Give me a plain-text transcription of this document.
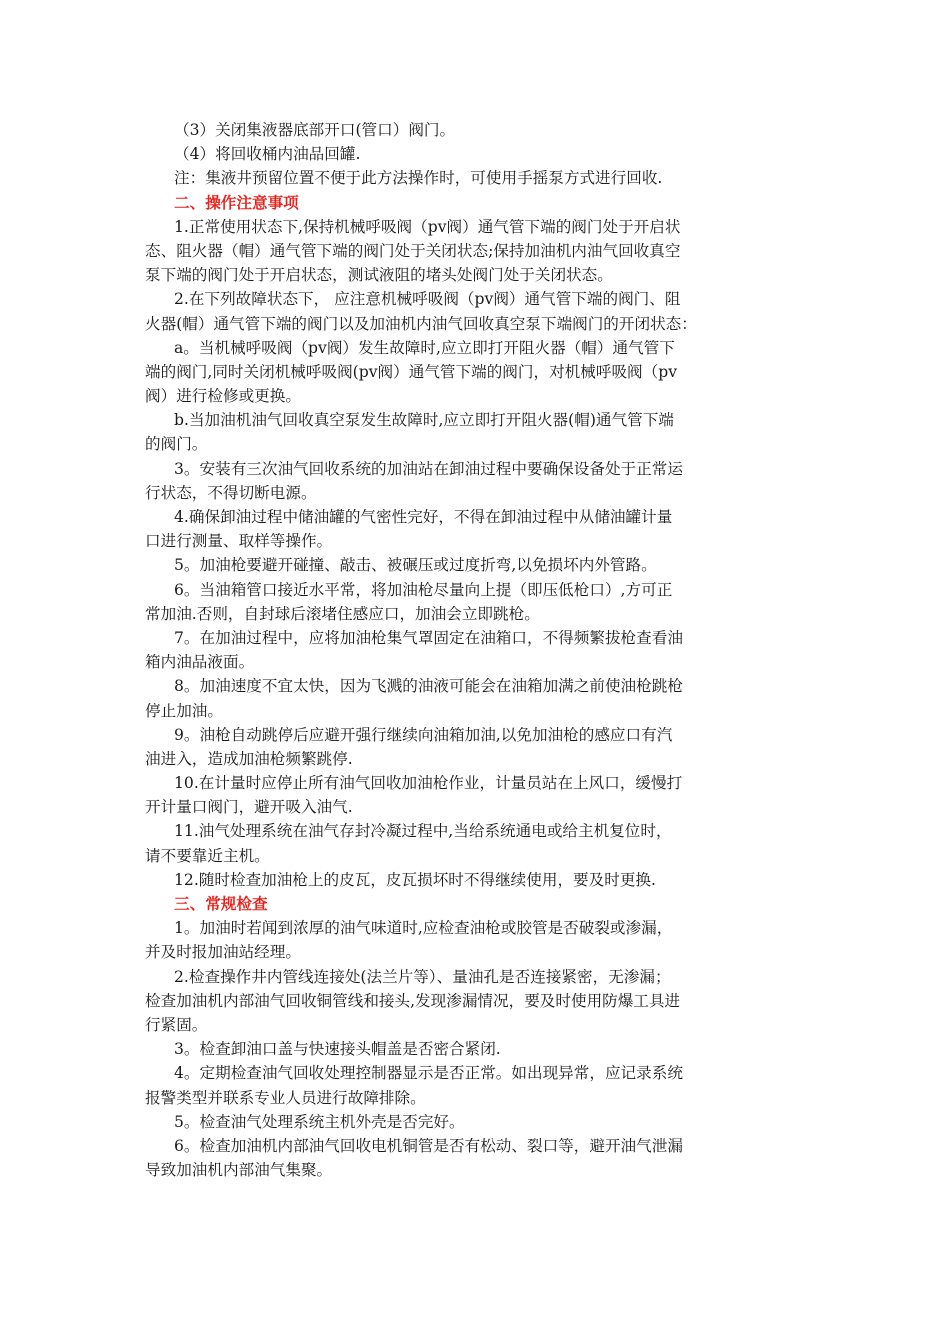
（3）关闭集液器底部开口(管口）阀门。
（4）将回收桶内油品回罐.
注：集液井预留位置不便于此方法操作时，可使用手摇泵方式进行回收.
二、操作注意事项
1.正常使用状态下,保持机械呼吸阀（pv阀）通气管下端的阀门处于开启状
态、阻火器（帽）通气管下端的阀门处于关闭状态;保持加油机内油气回收真空
泵下端的阀门处于开启状态，测试液阻的堵头处阀门处于关闭状态。
2.在下列故障状态下， 应注意机械呼吸阀（pv阀）通气管下端的阀门、阻
火器(帽）通气管下端的阀门以及加油机内油气回收真空泵下端阀门的开闭状态：
a。当机械呼吸阀（pv阀）发生故障时,应立即打开阻火器（帽）通气管下
端的阀门,同时关闭机械呼吸阀(pv阀）通气管下端的阀门，对机械呼吸阀（pv
阀）进行检修或更换。
b.当加油机油气回收真空泵发生故障时,应立即打开阻火器(帽)通气管下端
的阀门。
3。安装有三次油气回收系统的加油站在卸油过程中要确保设备处于正常运
行状态，不得切断电源。
4.确保卸油过程中储油罐的气密性完好，不得在卸油过程中从储油罐计量
口进行测量、取样等操作。
5。加油枪要避开碰撞、敲击、被碾压或过度折弯,以免损坏内外管路。
6。当油箱管口接近水平常，将加油枪尽量向上提（即压低枪口）,方可正
常加油.否则，自封球后滚堵住感应口，加油会立即跳枪。
7。在加油过程中，应将加油枪集气罩固定在油箱口，不得频繁拔枪查看油
箱内油品液面。
8。加油速度不宜太快，因为飞溅的油液可能会在油箱加满之前使油枪跳枪
停止加油。
9。油枪自动跳停后应避开强行继续向油箱加油,以免加油枪的感应口有汽
油进入，造成加油枪频繁跳停.
10.在计量时应停止所有油气回收加油枪作业，计量员站在上风口，缓慢打
开计量口阀门，避开吸入油气.
11.油气处理系统在油气存封冷凝过程中,当给系统通电或给主机复位时，
请不要靠近主机。
12.随时检查加油枪上的皮瓦，皮瓦损坏时不得继续使用，要及时更换.
三、常规检查
1。加油时若闻到浓厚的油气味道时,应检查油枪或胶管是否破裂或渗漏，
并及时报加油站经理。
2.检查操作井内管线连接处(法兰片等）、量油孔是否连接紧密，无渗漏；
检查加油机内部油气回收铜管线和接头,发现渗漏情况，要及时使用防爆工具进
行紧固。
3。检查卸油口盖与快速接头帽盖是否密合紧闭.
4。定期检查油气回收处理控制器显示是否正常。如出现异常，应记录系统
报警类型并联系专业人员进行故障排除。
5。检查油气处理系统主机外壳是否完好。
6。检查加油机内部油气回收电机铜管是否有松动、裂口等，避开油气泄漏
导致加油机内部油气集聚。
